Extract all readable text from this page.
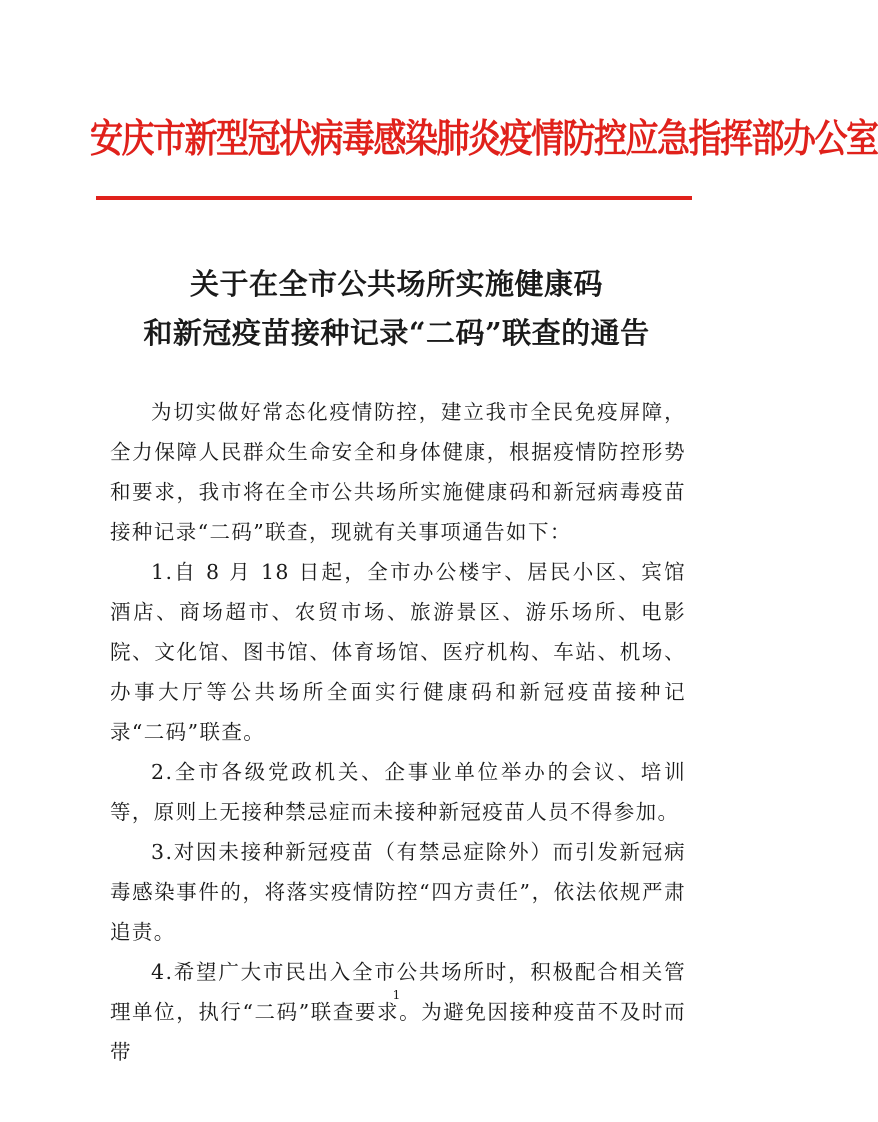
安庆市新型冠状病毒感染肺炎疫情防控应急指挥部办公室
关于在全市公共场所实施健康码
和新冠疫苗接种记录“二码”联查的通告

为切实做好常态化疫情防控，建立我市全民免疫屏障，全力保障人民群众生命安全和身体健康，根据疫情防控形势和要求，我市将在全市公共场所实施健康码和新冠病毒疫苗接种记录“二码”联查，现就有关事项通告如下：

1.自 8 月 18 日起，全市办公楼宇、居民小区、宾馆酒店、商场超市、农贸市场、旅游景区、游乐场所、电影院、文化馆、图书馆、体育场馆、医疗机构、车站、机场、办事大厅等公共场所全面实行健康码和新冠疫苗接种记录“二码”联查。

2.全市各级党政机关、企事业单位举办的会议、培训等，原则上无接种禁忌症而未接种新冠疫苗人员不得参加。

3.对因未接种新冠疫苗（有禁忌症除外）而引发新冠病毒感染事件的，将落实疫情防控“四方责任”，依法依规严肃追责。

4.希望广大市民出入全市公共场所时，积极配合相关管理单位，执行“二码”联查要求。为避免因接种疫苗不及时而带

1
